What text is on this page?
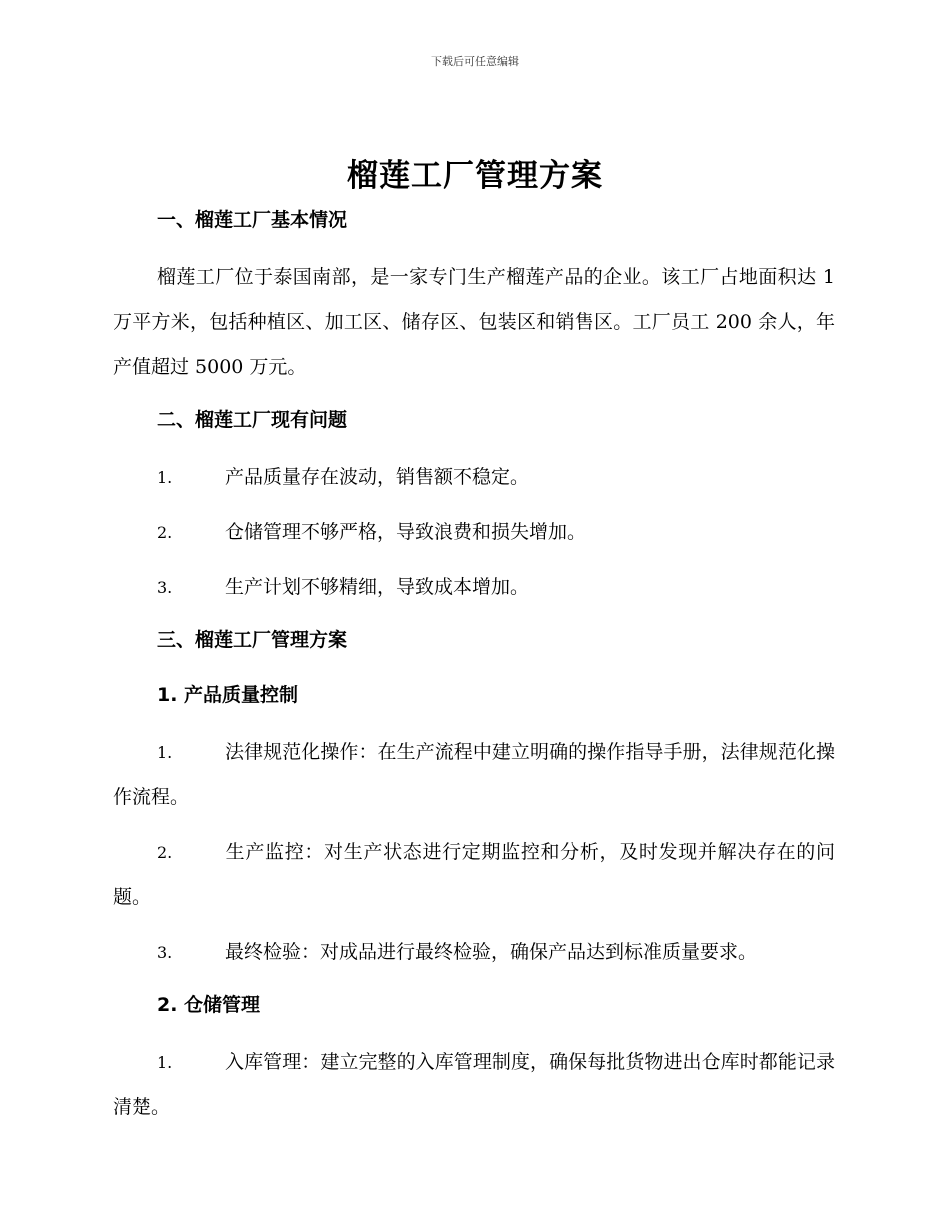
下载后可任意编辑
榴莲工厂管理方案
一、榴莲工厂基本情况
榴莲工厂位于泰国南部，是一家专门生产榴莲产品的企业。该工厂占地面积达 1 万平方米，包括种植区、加工区、储存区、包装区和销售区。工厂员工 200 余人，年产值超过 5000 万元。
二、榴莲工厂现有问题
1.	产品质量存在波动，销售额不稳定。
2.	仓储管理不够严格，导致浪费和损失增加。
3.	生产计划不够精细，导致成本增加。
三、榴莲工厂管理方案
1. 产品质量控制
1.	法律规范化操作：在生产流程中建立明确的操作指导手册，法律规范化操作流程。
2.	生产监控：对生产状态进行定期监控和分析，及时发现并解决存在的问题。
3.	最终检验：对成品进行最终检验，确保产品达到标准质量要求。
2. 仓储管理
1.	入库管理：建立完整的入库管理制度，确保每批货物进出仓库时都能记录清楚。
